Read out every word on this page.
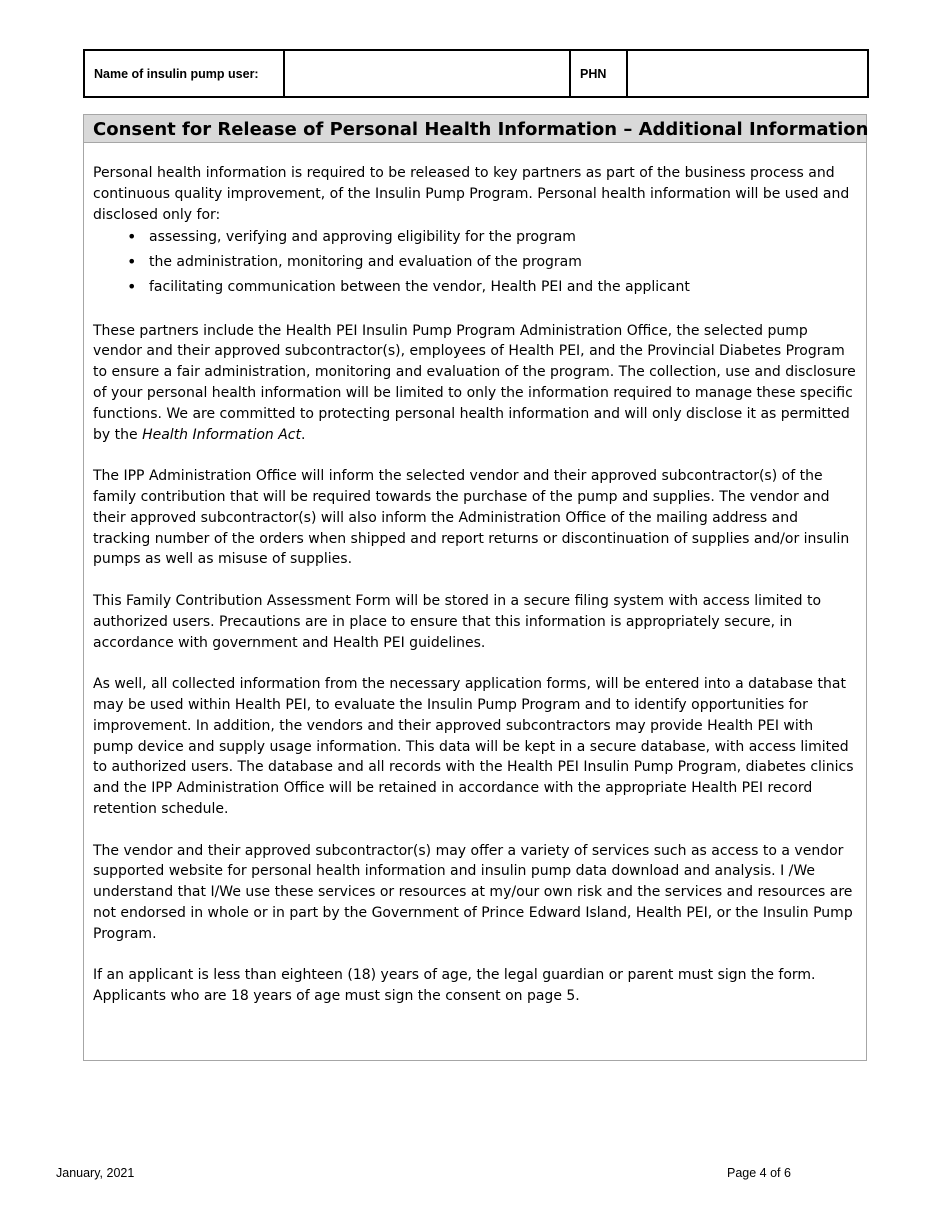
Name of insulin pump user:		PHN	
Consent for Release of Personal Health Information – Additional Information

Personal health information is required to be released to key partners as part of the business process and continuous quality improvement, of the Insulin Pump Program. Personal health information will be used and disclosed only for:

• assessing, verifying and approving eligibility for the program
• the administration, monitoring and evaluation of the program
• facilitating communication between the vendor, Health PEI and the applicant

These partners include the Health PEI Insulin Pump Program Administration Office, the selected pump vendor and their approved subcontractor(s), employees of Health PEI, and the Provincial Diabetes Program to ensure a fair administration, monitoring and evaluation of the program. The collection, use and disclosure of your personal health information will be limited to only the information required to manage these specific functions. We are committed to protecting personal health information and will only disclose it as permitted by the Health Information Act.

The IPP Administration Office will inform the selected vendor and their approved subcontractor(s) of the family contribution that will be required towards the purchase of the pump and supplies. The vendor and their approved subcontractor(s) will also inform the Administration Office of the mailing address and tracking number of the orders when shipped and report returns or discontinuation of supplies and/or insulin pumps as well as misuse of supplies.

This Family Contribution Assessment Form will be stored in a secure filing system with access limited to authorized users. Precautions are in place to ensure that this information is appropriately secure, in accordance with government and Health PEI guidelines.

As well, all collected information from the necessary application forms, will be entered into a database that may be used within Health PEI, to evaluate the Insulin Pump Program and to identify opportunities for improvement. In addition, the vendors and their approved subcontractors may provide Health PEI with pump device and supply usage information. This data will be kept in a secure database, with access limited to authorized users. The database and all records with the Health PEI Insulin Pump Program, diabetes clinics and the IPP Administration Office will be retained in accordance with the appropriate Health PEI record retention schedule.

The vendor and their approved subcontractor(s) may offer a variety of services such as access to a vendor supported website for personal health information and insulin pump data download and analysis. I /We understand that I/We use these services or resources at my/our own risk and the services and resources are not endorsed in whole or in part by the Government of Prince Edward Island, Health PEI, or the Insulin Pump Program.

If an applicant is less than eighteen (18) years of age, the legal guardian or parent must sign the form. Applicants who are 18 years of age must sign the consent on page 5.

January, 2021	Page 4 of 6
